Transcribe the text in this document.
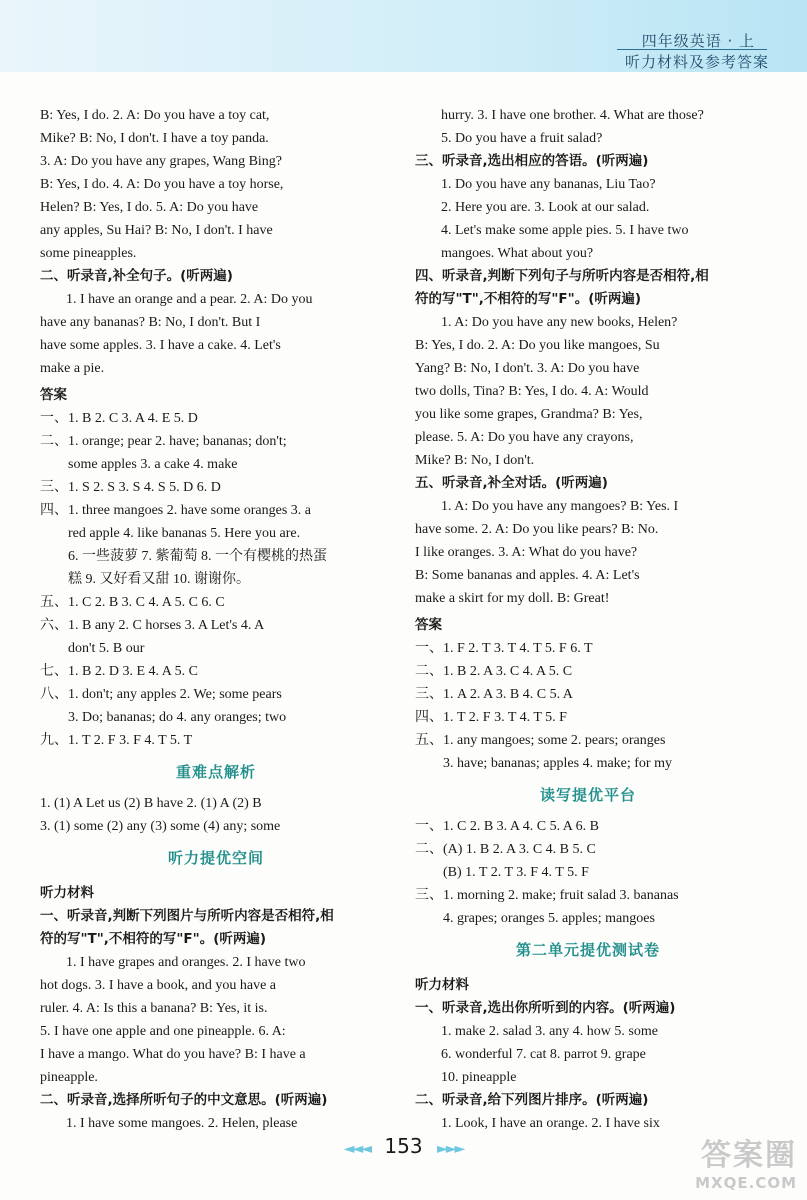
四年级英语 · 上
听力材料及参考答案
B: Yes, I do. 2. A: Do you have a toy cat,
Mike? B: No, I don't. I have a toy panda.
3. A: Do you have any grapes, Wang Bing?
B: Yes, I do. 4. A: Do you have a toy horse,
Helen? B: Yes, I do. 5. A: Do you have
any apples, Su Hai? B: No, I don't. I have
some pineapples.
二、听录音,补全句子。(听两遍)
1. I have an orange and a pear. 2. A: Do you
have any bananas? B: No, I don't. But I
have some apples. 3. I have a cake. 4. Let's
make a pie.
答案
一、1. B 2. C 3. A 4. E 5. D
二、1. orange; pear 2. have; bananas; don't;
some apples 3. a cake 4. make
三、1. S 2. S 3. S 4. S 5. D 6. D
四、1. three mangoes 2. have some oranges 3. a
red apple 4. like bananas 5. Here you are.
6. 一些菠萝 7. 紫葡萄 8. 一个有樱桃的热蛋
糕 9. 又好看又甜 10. 谢谢你。
五、1. C 2. B 3. C 4. A 5. C 6. C
六、1. B any 2. C horses 3. A Let's 4. A
don't 5. B our
七、1. B 2. D 3. E 4. A 5. C
八、1. don't; any apples 2. We; some pears
3. Do; bananas; do 4. any oranges; two
九、1. T 2. F 3. F 4. T 5. T
重难点解析
1. (1) A Let us (2) B have 2. (1) A (2) B
3. (1) some (2) any (3) some (4) any; some
听力提优空间
听力材料
一、听录音,判断下列图片与所听内容是否相符,相
符的写"T",不相符的写"F"。(听两遍)
1. I have grapes and oranges. 2. I have two
hot dogs. 3. I have a book, and you have a
ruler. 4. A: Is this a banana? B: Yes, it is.
5. I have one apple and one pineapple. 6. A:
I have a mango. What do you have? B: I have a
pineapple.
二、听录音,选择所听句子的中文意思。(听两遍)
1. I have some mangoes. 2. Helen, please
hurry. 3. I have one brother. 4. What are those?
5. Do you have a fruit salad?
三、听录音,选出相应的答语。(听两遍)
1. Do you have any bananas, Liu Tao?
2. Here you are. 3. Look at our salad.
4. Let's make some apple pies. 5. I have two
mangoes. What about you?
四、听录音,判断下列句子与所听内容是否相符,相
符的写"T",不相符的写"F"。(听两遍)
1. A: Do you have any new books, Helen?
B: Yes, I do. 2. A: Do you like mangoes, Su
Yang? B: No, I don't. 3. A: Do you have
two dolls, Tina? B: Yes, I do. 4. A: Would
you like some grapes, Grandma? B: Yes,
please. 5. A: Do you have any crayons,
Mike? B: No, I don't.
五、听录音,补全对话。(听两遍)
1. A: Do you have any mangoes? B: Yes. I
have some. 2. A: Do you like pears? B: No.
I like oranges. 3. A: What do you have?
B: Some bananas and apples. 4. A: Let's
make a skirt for my doll. B: Great!
答案
一、1. F 2. T 3. T 4. T 5. F 6. T
二、1. B 2. A 3. C 4. A 5. C
三、1. A 2. A 3. B 4. C 5. A
四、1. T 2. F 3. T 4. T 5. F
五、1. any mangoes; some 2. pears; oranges
3. have; bananas; apples 4. make; for my
读写提优平台
一、1. C 2. B 3. A 4. C 5. A 6. B
二、(A) 1. B 2. A 3. C 4. B 5. C
(B) 1. T 2. T 3. F 4. T 5. F
三、1. morning 2. make; fruit salad 3. bananas
4. grapes; oranges 5. apples; mangoes
第二单元提优测试卷
听力材料
一、听录音,选出你所听到的内容。(听两遍)
1. make 2. salad 3. any 4. how 5. some
6. wonderful 7. cat 8. parrot 9. grape
10. pineapple
二、听录音,给下列图片排序。(听两遍)
1. Look, I have an orange. 2. I have six
◄◄◄ 153 ►►►	答案圈
MXQE.COM
